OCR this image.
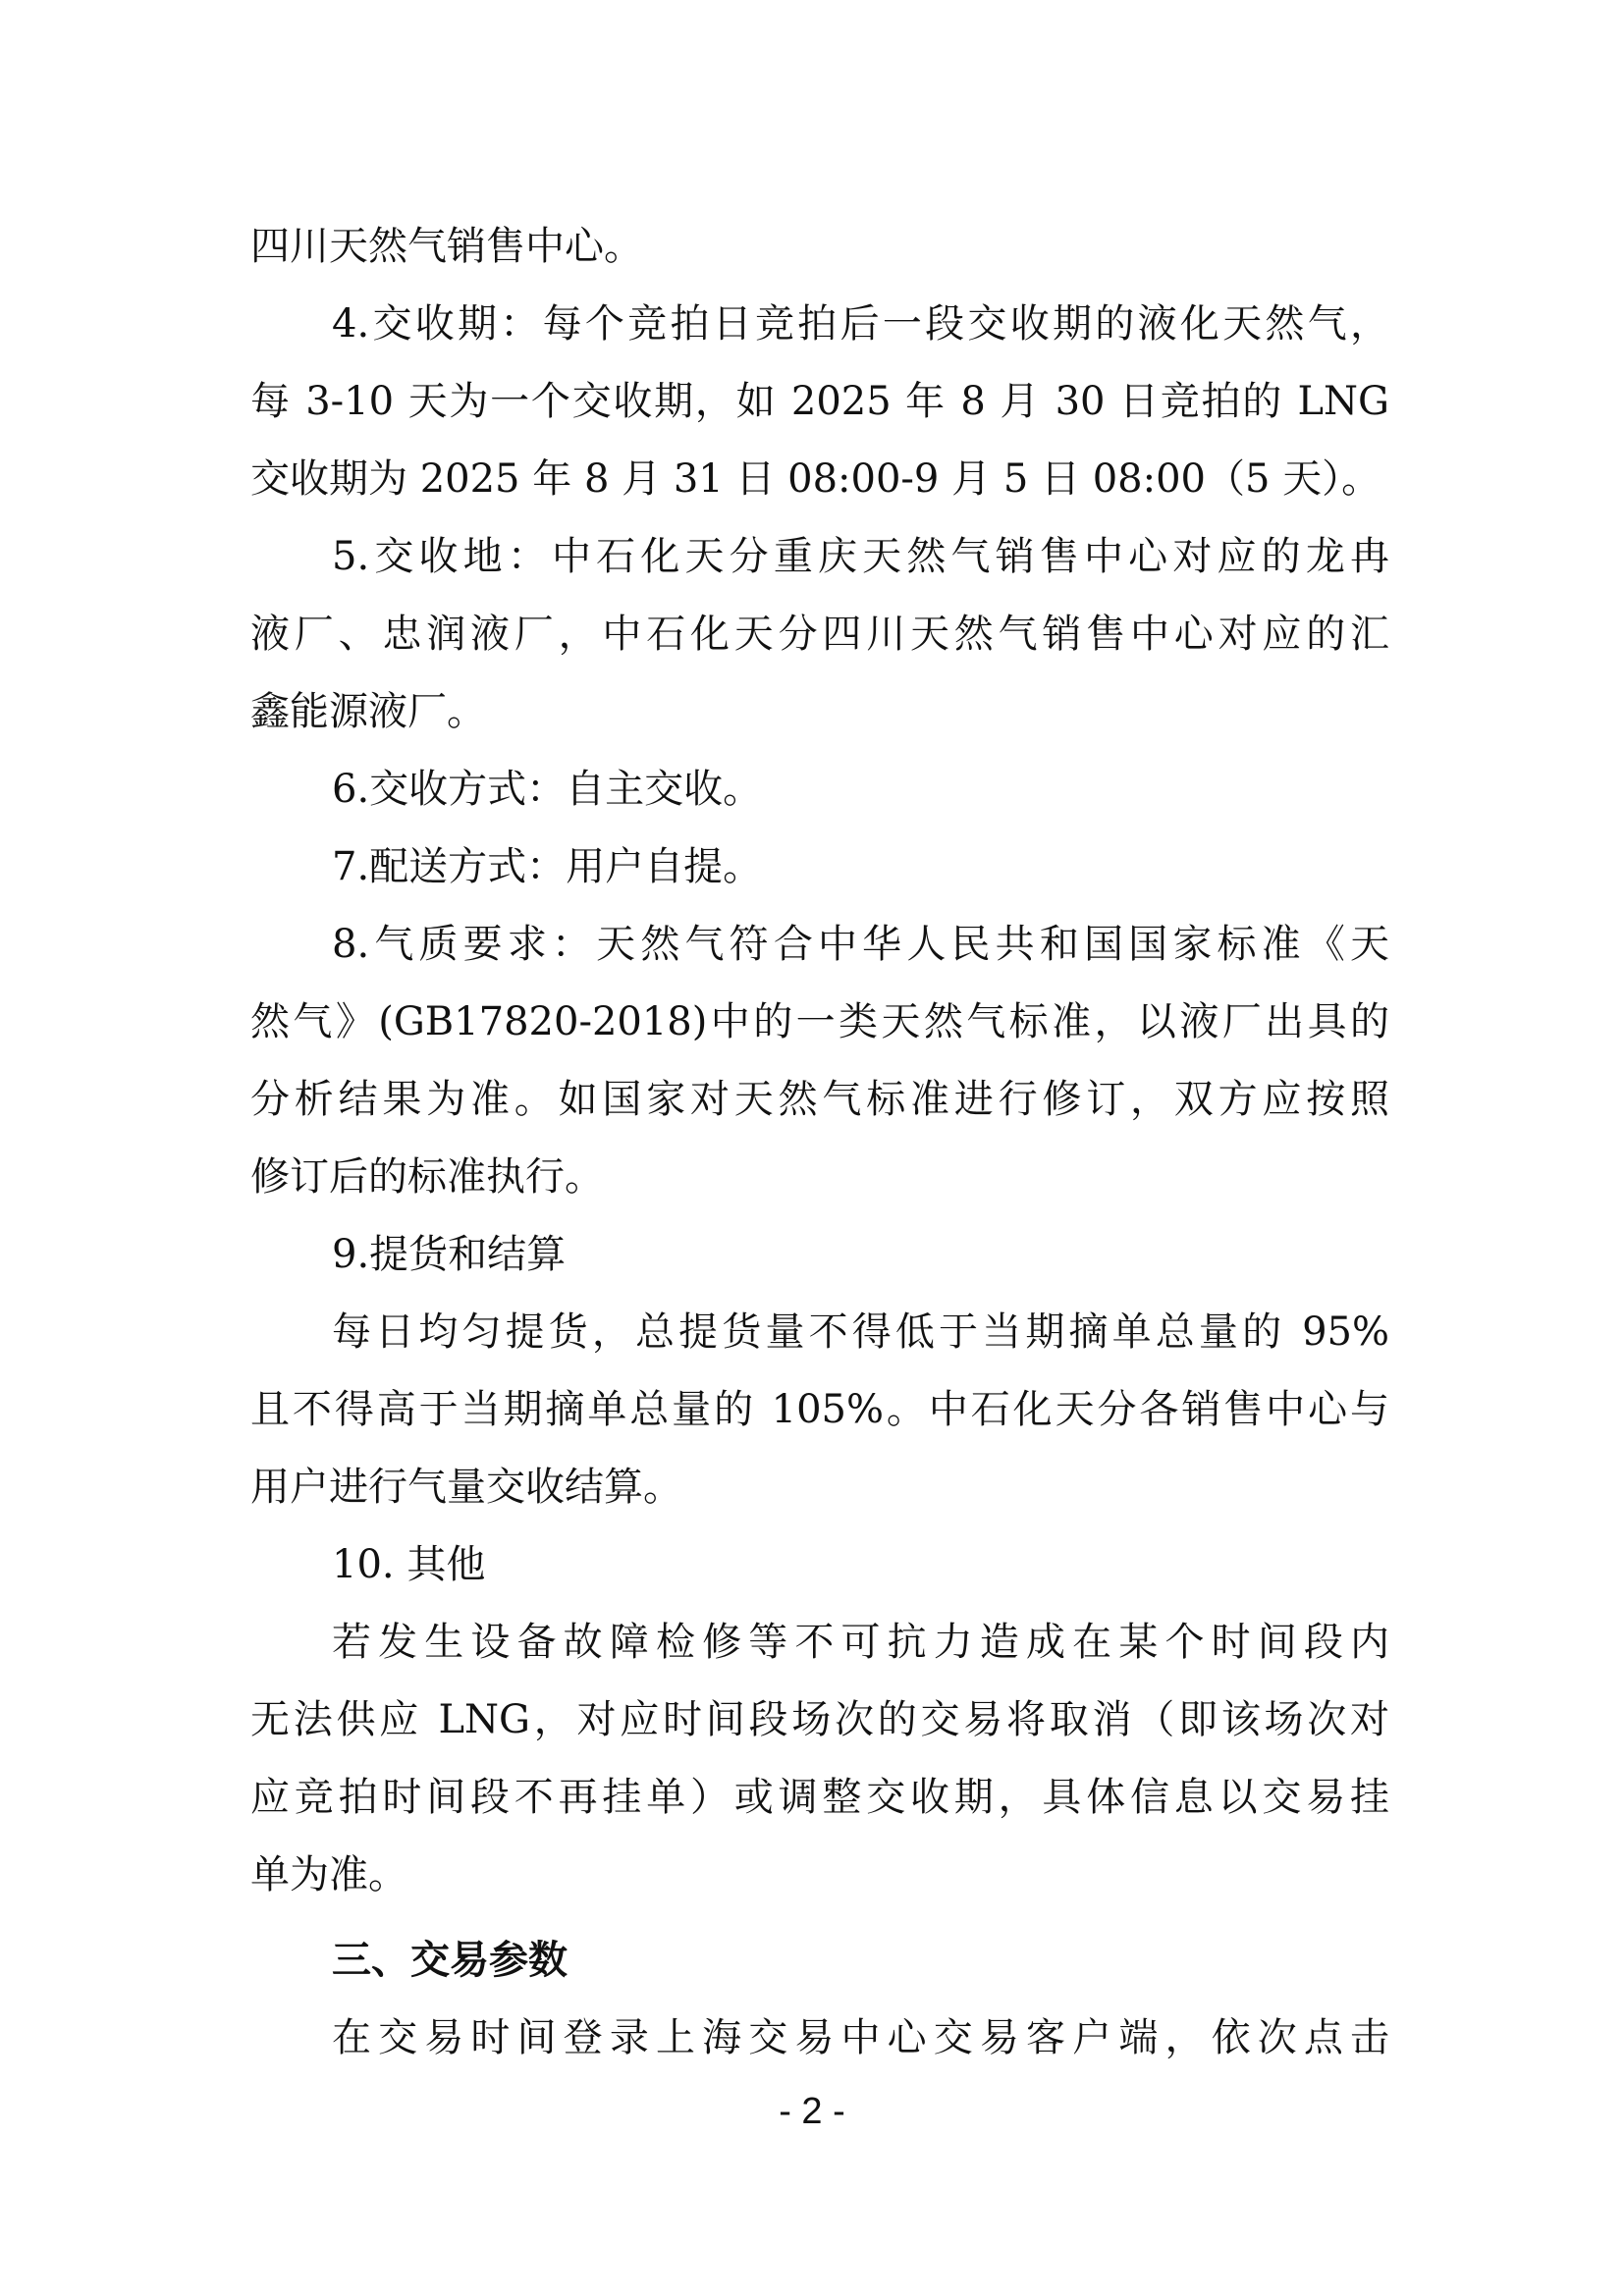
四川天然气销售中心。
4.交收期：每个竞拍日竞拍后一段交收期的液化天然气，
每 3-10 天为一个交收期，如 2025 年 8 月 30 日竞拍的 LNG
交收期为 2025 年 8 月 31 日 08:00-9 月 5 日 08:00（5 天）。
5.交收地：中石化天分重庆天然气销售中心对应的龙冉
液厂、忠润液厂，中石化天分四川天然气销售中心对应的汇
鑫能源液厂。
6.交收方式：自主交收。
7.配送方式：用户自提。
8.气质要求：天然气符合中华人民共和国国家标准《天
然气》(GB17820-2018)中的一类天然气标准，以液厂出具的
分析结果为准。如国家对天然气标准进行修订，双方应按照
修订后的标准执行。
9.提货和结算
每日均匀提货，总提货量不得低于当期摘单总量的 95%
且不得高于当期摘单总量的 105%。中石化天分各销售中心与
用户进行气量交收结算。
10. 其他
若发生设备故障检修等不可抗力造成在某个时间段内
无法供应 LNG，对应时间段场次的交易将取消（即该场次对
应竞拍时间段不再挂单）或调整交收期，具体信息以交易挂
单为准。
三、交易参数
在交易时间登录上海交易中心交易客户端，依次点击
- 2 -
